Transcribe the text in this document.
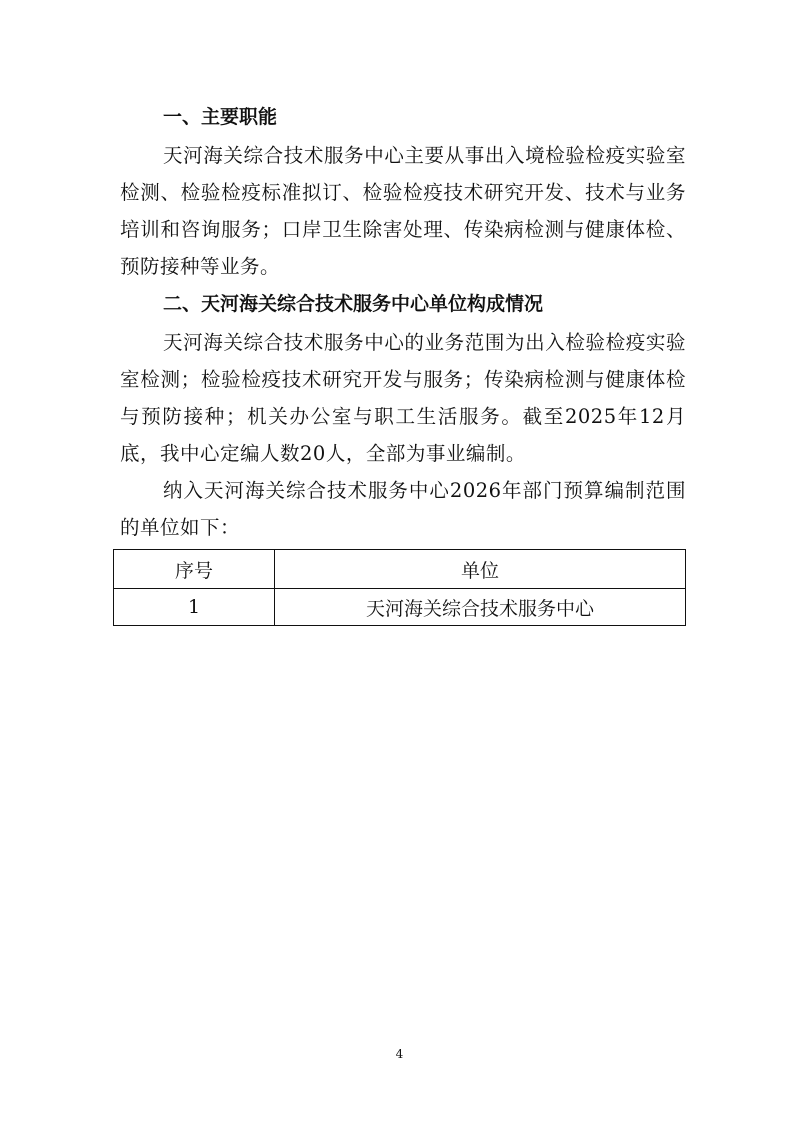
一、主要职能

天河海关综合技术服务中心主要从事出入境检验检疫实验室检测、检验检疫标准拟订、检验检疫技术研究开发、技术与业务培训和咨询服务；口岸卫生除害处理、传染病检测与健康体检、预防接种等业务。

二、天河海关综合技术服务中心单位构成情况

天河海关综合技术服务中心的业务范围为出入检验检疫实验室检测；检验检疫技术研究开发与服务；传染病检测与健康体检与预防接种；机关办公室与职工生活服务。截至2025年12月底，我中心定编人数20人，全部为事业编制。

纳入天河海关综合技术服务中心2026年部门预算编制范围的单位如下：

序号	单位
1	天河海关综合技术服务中心
4
